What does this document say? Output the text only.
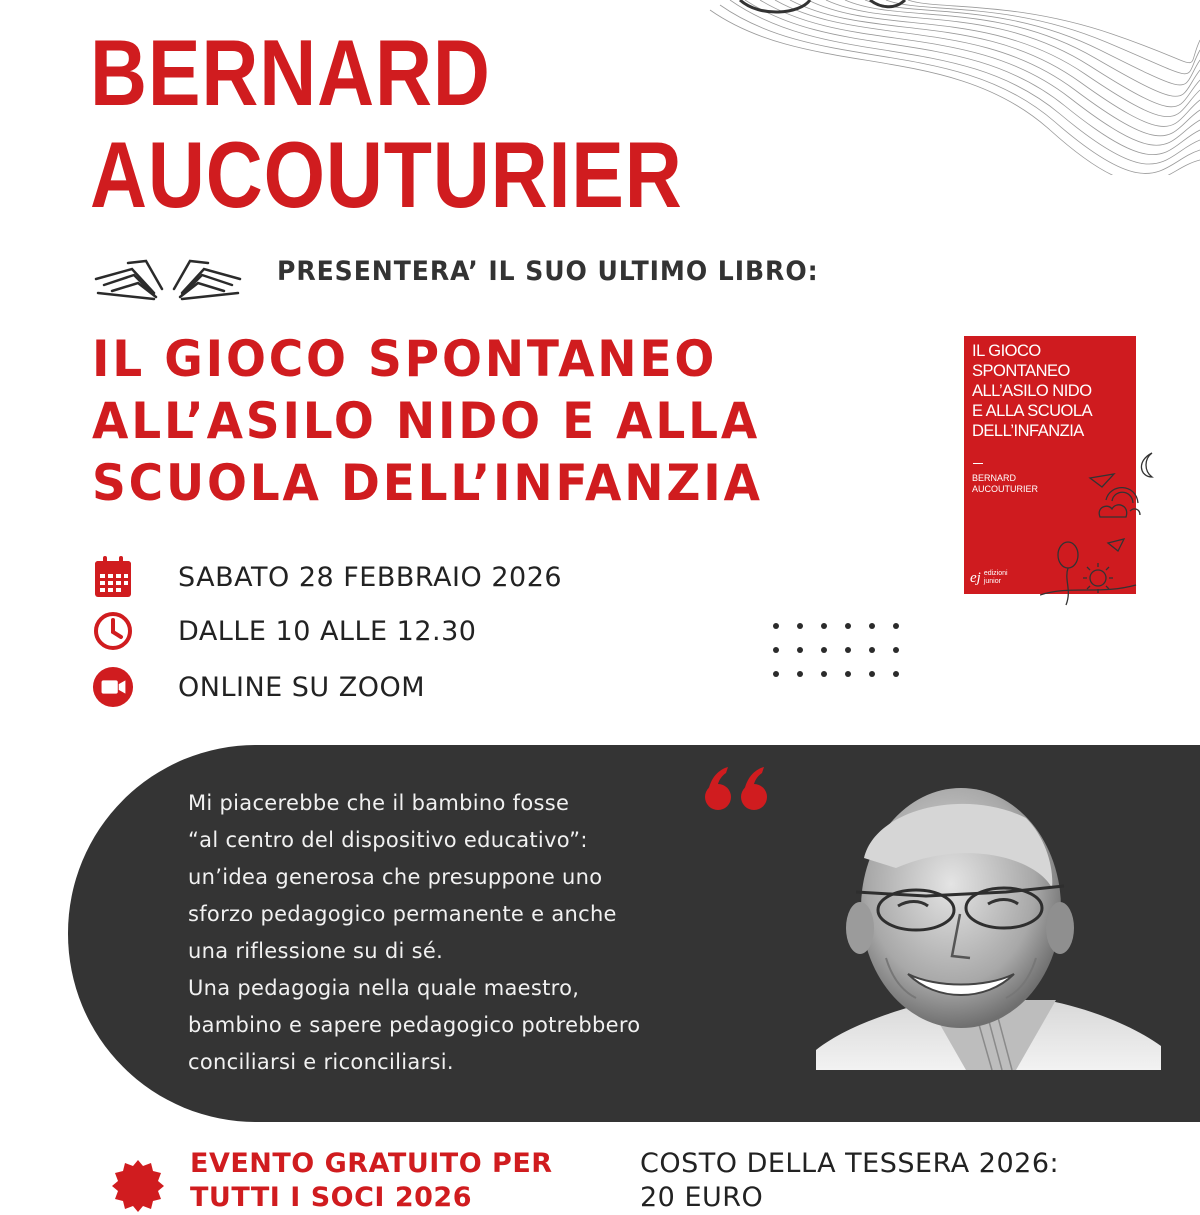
BERNARD
AUCOUTURIER
PRESENTERA’ IL SUO ULTIMO LIBRO:
IL GIOCO SPONTANEO
ALL’ASILO NIDO E ALLA
SCUOLA DELL’INFANZIA
SABATO 28 FEBBRAIO 2026
DALLE 10 ALLE 12.30
ONLINE SU ZOOM
IL GIOCO
SPONTANEO
ALL’ASILO NIDO
E ALLA SCUOLA
DELL’INFANZIA
BERNARD
AUCOUTURIER
ej edizioni
junior

Mi piacerebbe che il bambino fosse
“al centro del dispositivo educativo”:
un’idea generosa che presuppone uno
sforzo pedagogico permanente e anche
una riflessione su di sé.
Una pedagogia nella quale maestro,
bambino e sapere pedagogico potrebbero
conciliarsi e riconciliarsi.

EVENTO GRATUITO PER
TUTTI I SOCI 2026

COSTO DELLA TESSERA 2026:
20 EURO
